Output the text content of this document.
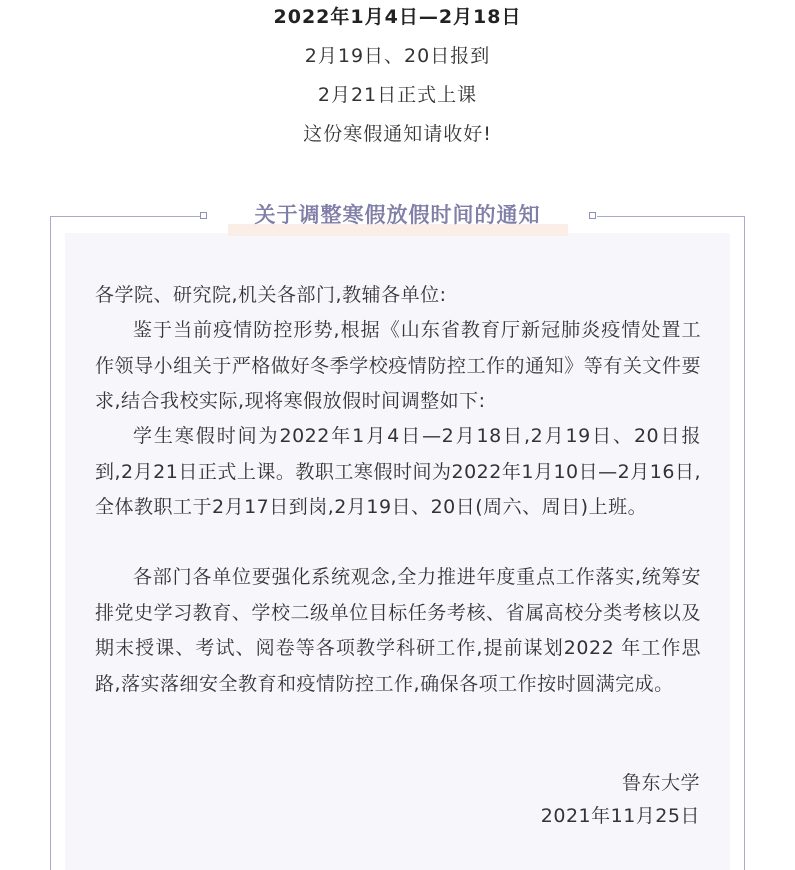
2022年1月4日—2月18日
2月19日、20日报到
2月21日正式上课
这份寒假通知请收好!
关于调整寒假放假时间的通知
各学院、研究院,机关各部门,教辅各单位:
鉴于当前疫情防控形势,根据《山东省教育厅新冠肺炎疫情处置工作领导小组关于严格做好冬季学校疫情防控工作的通知》等有关文件要求,结合我校实际,现将寒假放假时间调整如下:
学生寒假时间为2022年1月4日—2月18日,2月19日、20日报到,2月21日正式上课。教职工寒假时间为2022年1月10日—2月16日,全体教职工于2月17日到岗,2月19日、20日(周六、周日)上班。
各部门各单位要强化系统观念,全力推进年度重点工作落实,统筹安排党史学习教育、学校二级单位目标任务考核、省属高校分类考核以及期末授课、考试、阅卷等各项教学科研工作,提前谋划2022 年工作思路,落实落细安全教育和疫情防控工作,确保各项工作按时圆满完成。
鲁东大学
2021年11月25日
